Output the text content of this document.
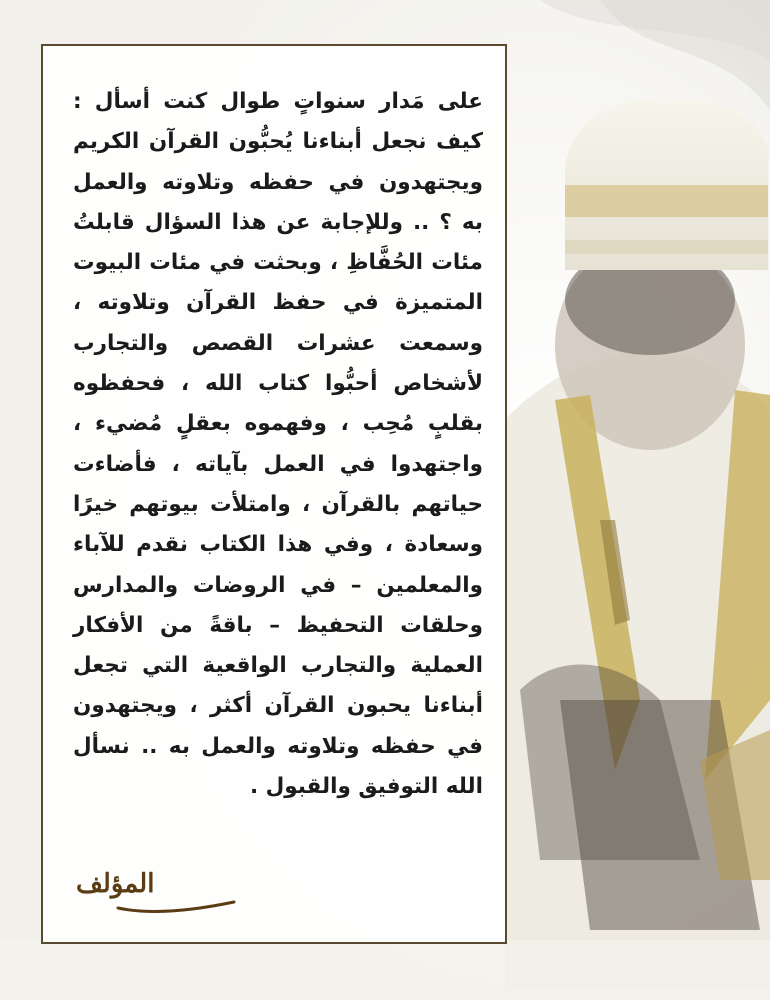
على مَدار سنواتٍ طوال كنت أسأل : كيف نجعل أبناءنا يُحبُّون القرآن الكريم ويجتهدون في حفظه وتلاوته والعمل به ؟ .. وللإجابة عن هذا السؤال قابلتُ مئات الحُفَّاظِ ، وبحثت في مئات البيوت المتميزة في حفظ القرآن وتلاوته ، وسمعت عشرات القصص والتجارب لأشخاص أحبُّوا كتاب الله ، فحفظوه بقلبٍ مُحِب ، وفهموه بعقلٍ مُضيء ، واجتهدوا في العمل بآياته ، فأضاءت حياتهم بالقرآن ، وامتلأت بيوتهم خيرًا وسعادة ، وفي هذا الكتاب نقدم للآباء والمعلمين – في الروضات والمدارس وحلقات التحفيظ – باقةً من الأفكار العملية والتجارب الواقعية التي تجعل أبناءنا يحبون القرآن أكثر ، ويجتهدون في حفظه وتلاوته والعمل به .. نسأل الله التوفيق والقبول .

المؤلف
